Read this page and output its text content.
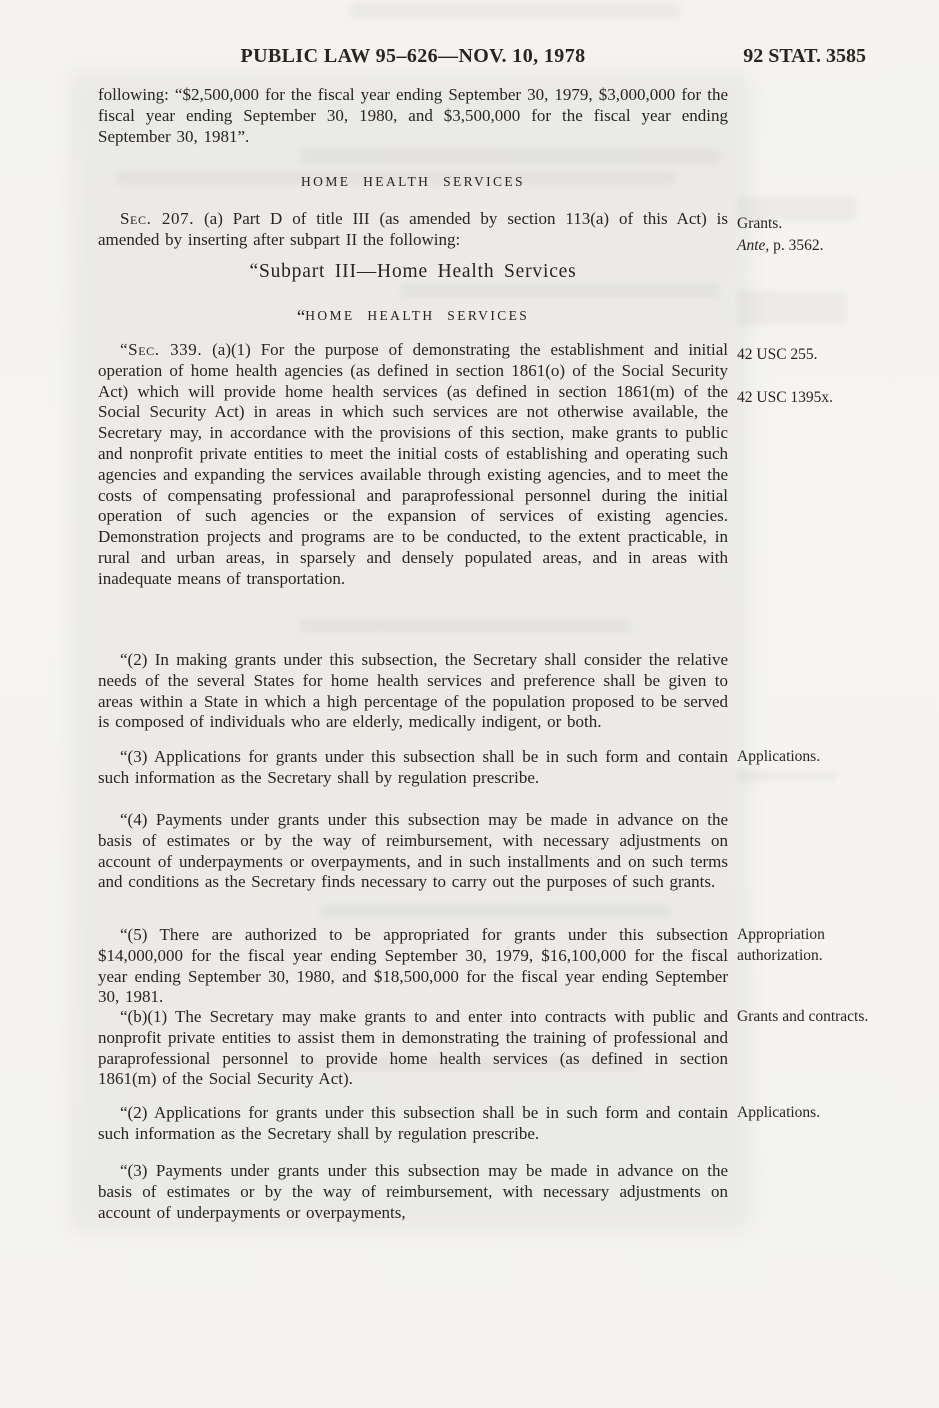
PUBLIC LAW 95–626—NOV. 10, 1978	92 STAT. 3585

following: “$2,500,000 for the fiscal year ending September 30, 1979, $3,000,000 for the fiscal year ending September 30, 1980, and $3,500,000 for the fiscal year ending September 30, 1981”.

HOME HEALTH SERVICES

Sec. 207. (a) Part D of title III (as amended by section 113(a) of this Act) is amended by inserting after subpart II the following:

“Subpart III—Home Health Services
“HOME HEALTH SERVICES

“Sec. 339. (a)(1) For the purpose of demonstrating the establishment and initial operation of home health agencies (as defined in section 1861(o) of the Social Security Act) which will provide home health services (as defined in section 1861(m) of the Social Security Act) in areas in which such services are not otherwise available, the Secretary may, in accordance with the provisions of this section, make grants to public and nonprofit private entities to meet the initial costs of establishing and operating such agencies and expanding the services available through existing agencies, and to meet the costs of compensating professional and paraprofessional personnel during the initial operation of such agencies or the expansion of services of existing agencies. Demonstration projects and programs are to be conducted, to the extent practicable, in rural and urban areas, in sparsely and densely populated areas, and in areas with inadequate means of transportation.

“(2) In making grants under this subsection, the Secretary shall consider the relative needs of the several States for home health services and preference shall be given to areas within a State in which a high percentage of the population proposed to be served is composed of individuals who are elderly, medically indigent, or both.

“(3) Applications for grants under this subsection shall be in such form and contain such information as the Secretary shall by regulation prescribe.

“(4) Payments under grants under this subsection may be made in advance on the basis of estimates or by the way of reimbursement, with necessary adjustments on account of underpayments or overpayments, and in such installments and on such terms and conditions as the Secretary finds necessary to carry out the purposes of such grants.

“(5) There are authorized to be appropriated for grants under this subsection $14,000,000 for the fiscal year ending September 30, 1979, $16,100,000 for the fiscal year ending September 30, 1980, and $18,500,000 for the fiscal year ending September 30, 1981.

“(b)(1) The Secretary may make grants to and enter into contracts with public and nonprofit private entities to assist them in demonstrating the training of professional and paraprofessional personnel to provide home health services (as defined in section 1861(m) of the Social Security Act).

“(2) Applications for grants under this subsection shall be in such form and contain such information as the Secretary shall by regulation prescribe.

“(3) Payments under grants under this subsection may be made in advance on the basis of estimates or by the way of reimbursement, with necessary adjustments on account of underpayments or overpayments,

Grants.

Ante, p. 3562.

42 USC 255.

42 USC 1395x.

Applications.

Appropriation authorization.

Grants and contracts.

Applications.
